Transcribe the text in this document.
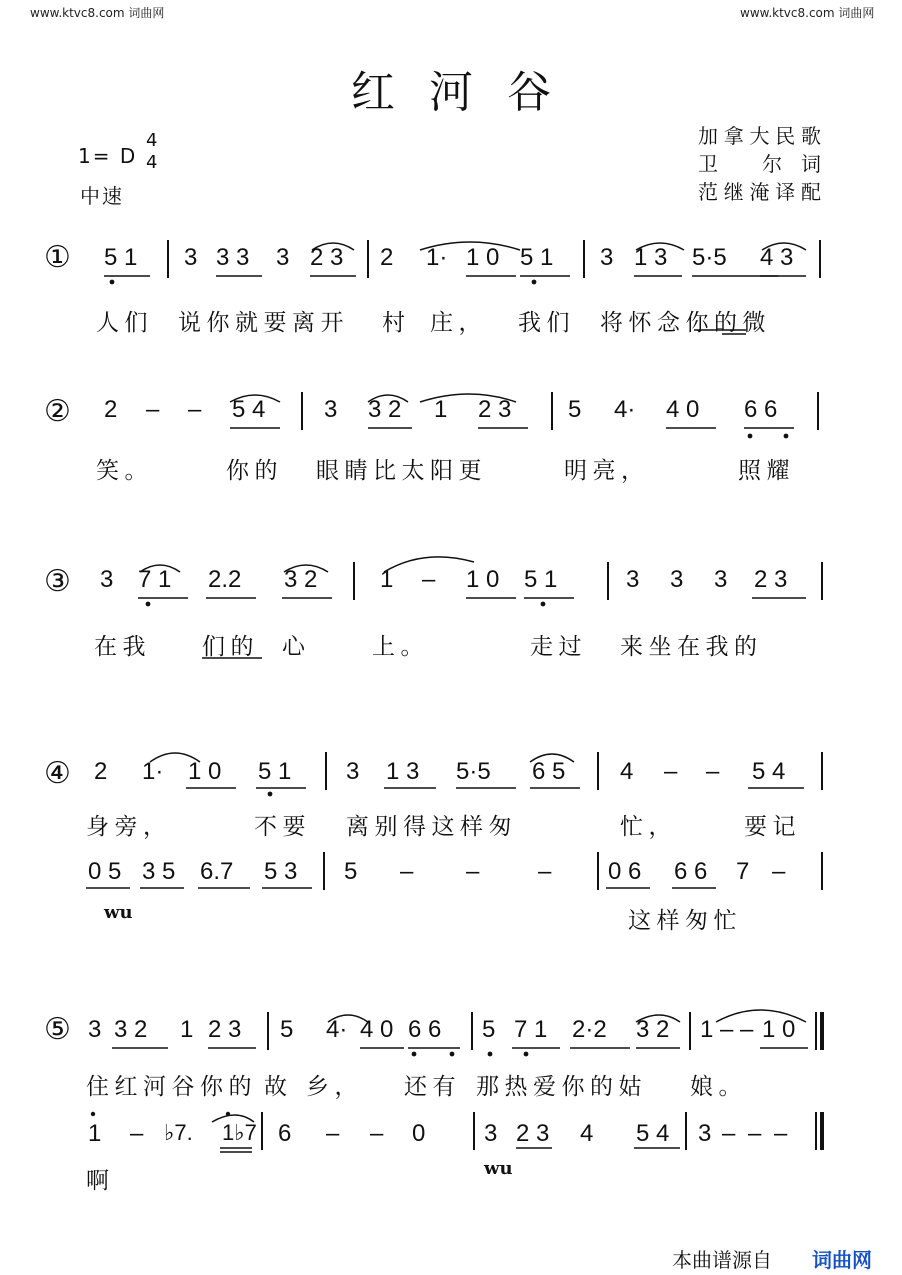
www.ktvc8.com 词曲网	www.ktvc8.com 词曲网
红河谷
1= D
4
4
中速
加拿大民歌
卫 尔词
范继淹译配
① 5 1 3 3 3 3 2 3 2 1· 1 0 5 1 3 1 3 5·5 4 3
人们 说你就要离开 村 庄， 我们 将怀念你的微
② 2 – – 5 4 3 3 2 1 2 3 5 4· 4 0 6 6
笑。	你的 眼睛比太阳更	明亮，	照耀
③ 3 7 1 2.2 3 2	1 – 1 0 5 1	3 3 3 2 3
在我 们的 心	上。	走过 来坐在我的
④ 2 1· 1 0 5 1 3 1 3 5·5 6 5 4 – – 5 4
身旁，	不要 离别得这样匆	忙，	要记
0 5 3 5 6.7 5 3 5 – – – 0 6 6 6 7 –
wu	这样匆忙
⑤ 3 3 2 1 2 3 5 4· 4 0 6 6 5 7 1 2·2 3 2 1 – – 1 0
住红河谷你的 故 乡， 还有 那热爱你的姑 娘。
1 – ♭7. 1♭7 6 – – 0 3 2 3 4 5 4 3 – – –
啊	wu
本曲谱源自 词曲网
